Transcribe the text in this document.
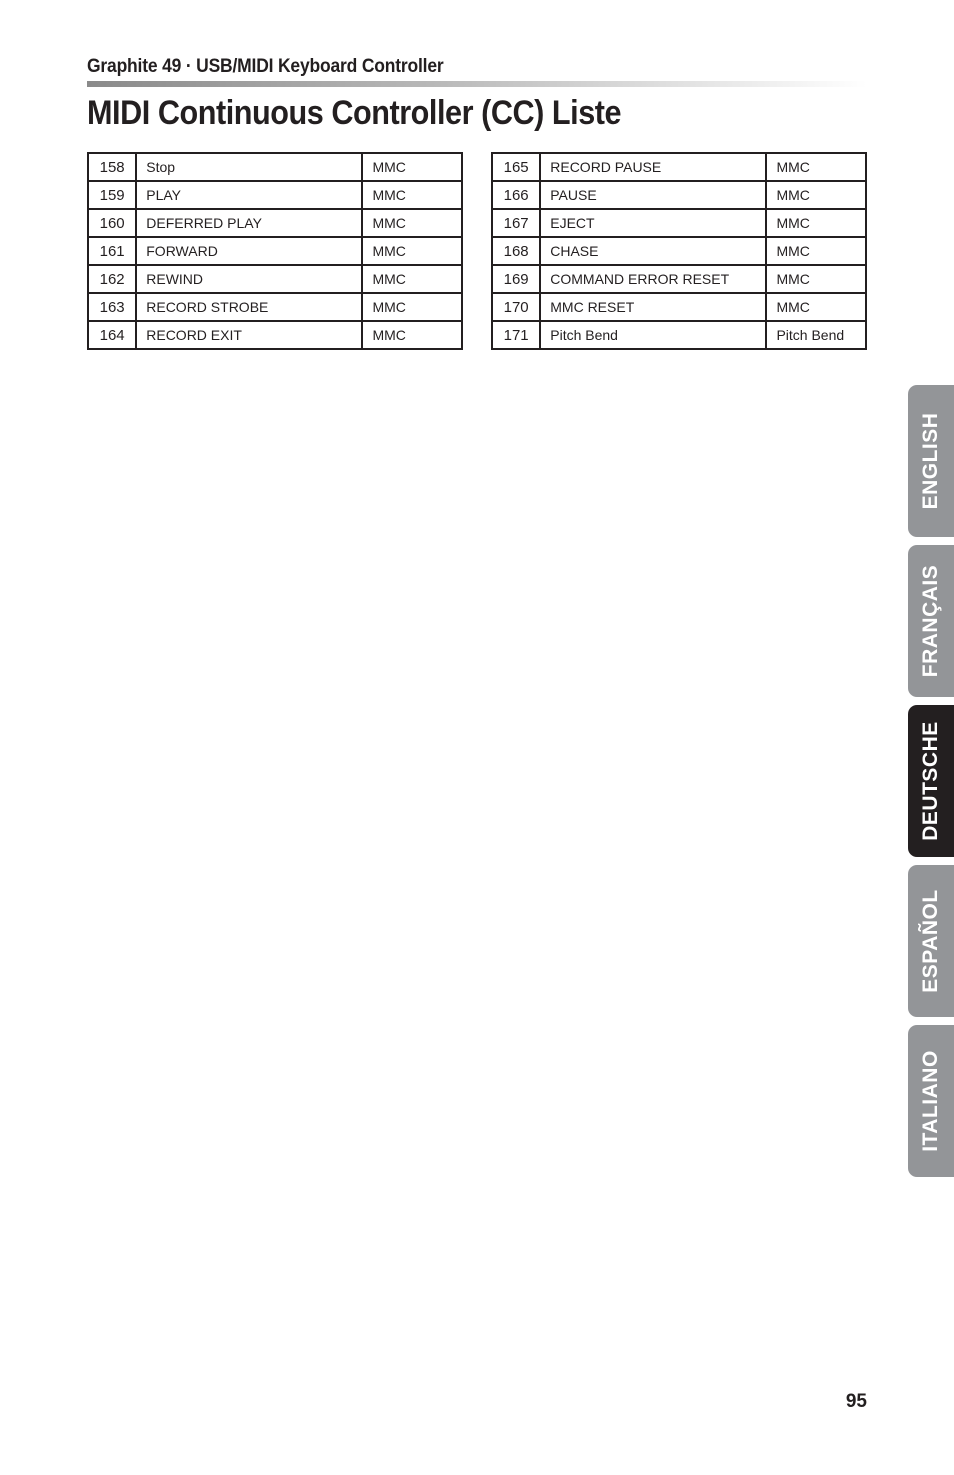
Graphite 49 · USB/MIDI Keyboard Controller
MIDI Continuous Controller (CC) Liste
158	Stop	MMC
159	PLAY	MMC
160	DEFERRED PLAY	MMC
161	FORWARD	MMC
162	REWIND	MMC
163	RECORD STROBE	MMC
164	RECORD EXIT	MMC
165	RECORD PAUSE	MMC
166	PAUSE	MMC
167	EJECT	MMC
168	CHASE	MMC
169	COMMAND ERROR RESET	MMC
170	MMC RESET	MMC
171	Pitch Bend	Pitch Bend
ENGLISH
FRANÇAIS
DEUTSCHE
ESPAÑOL
ITALIANO
95
